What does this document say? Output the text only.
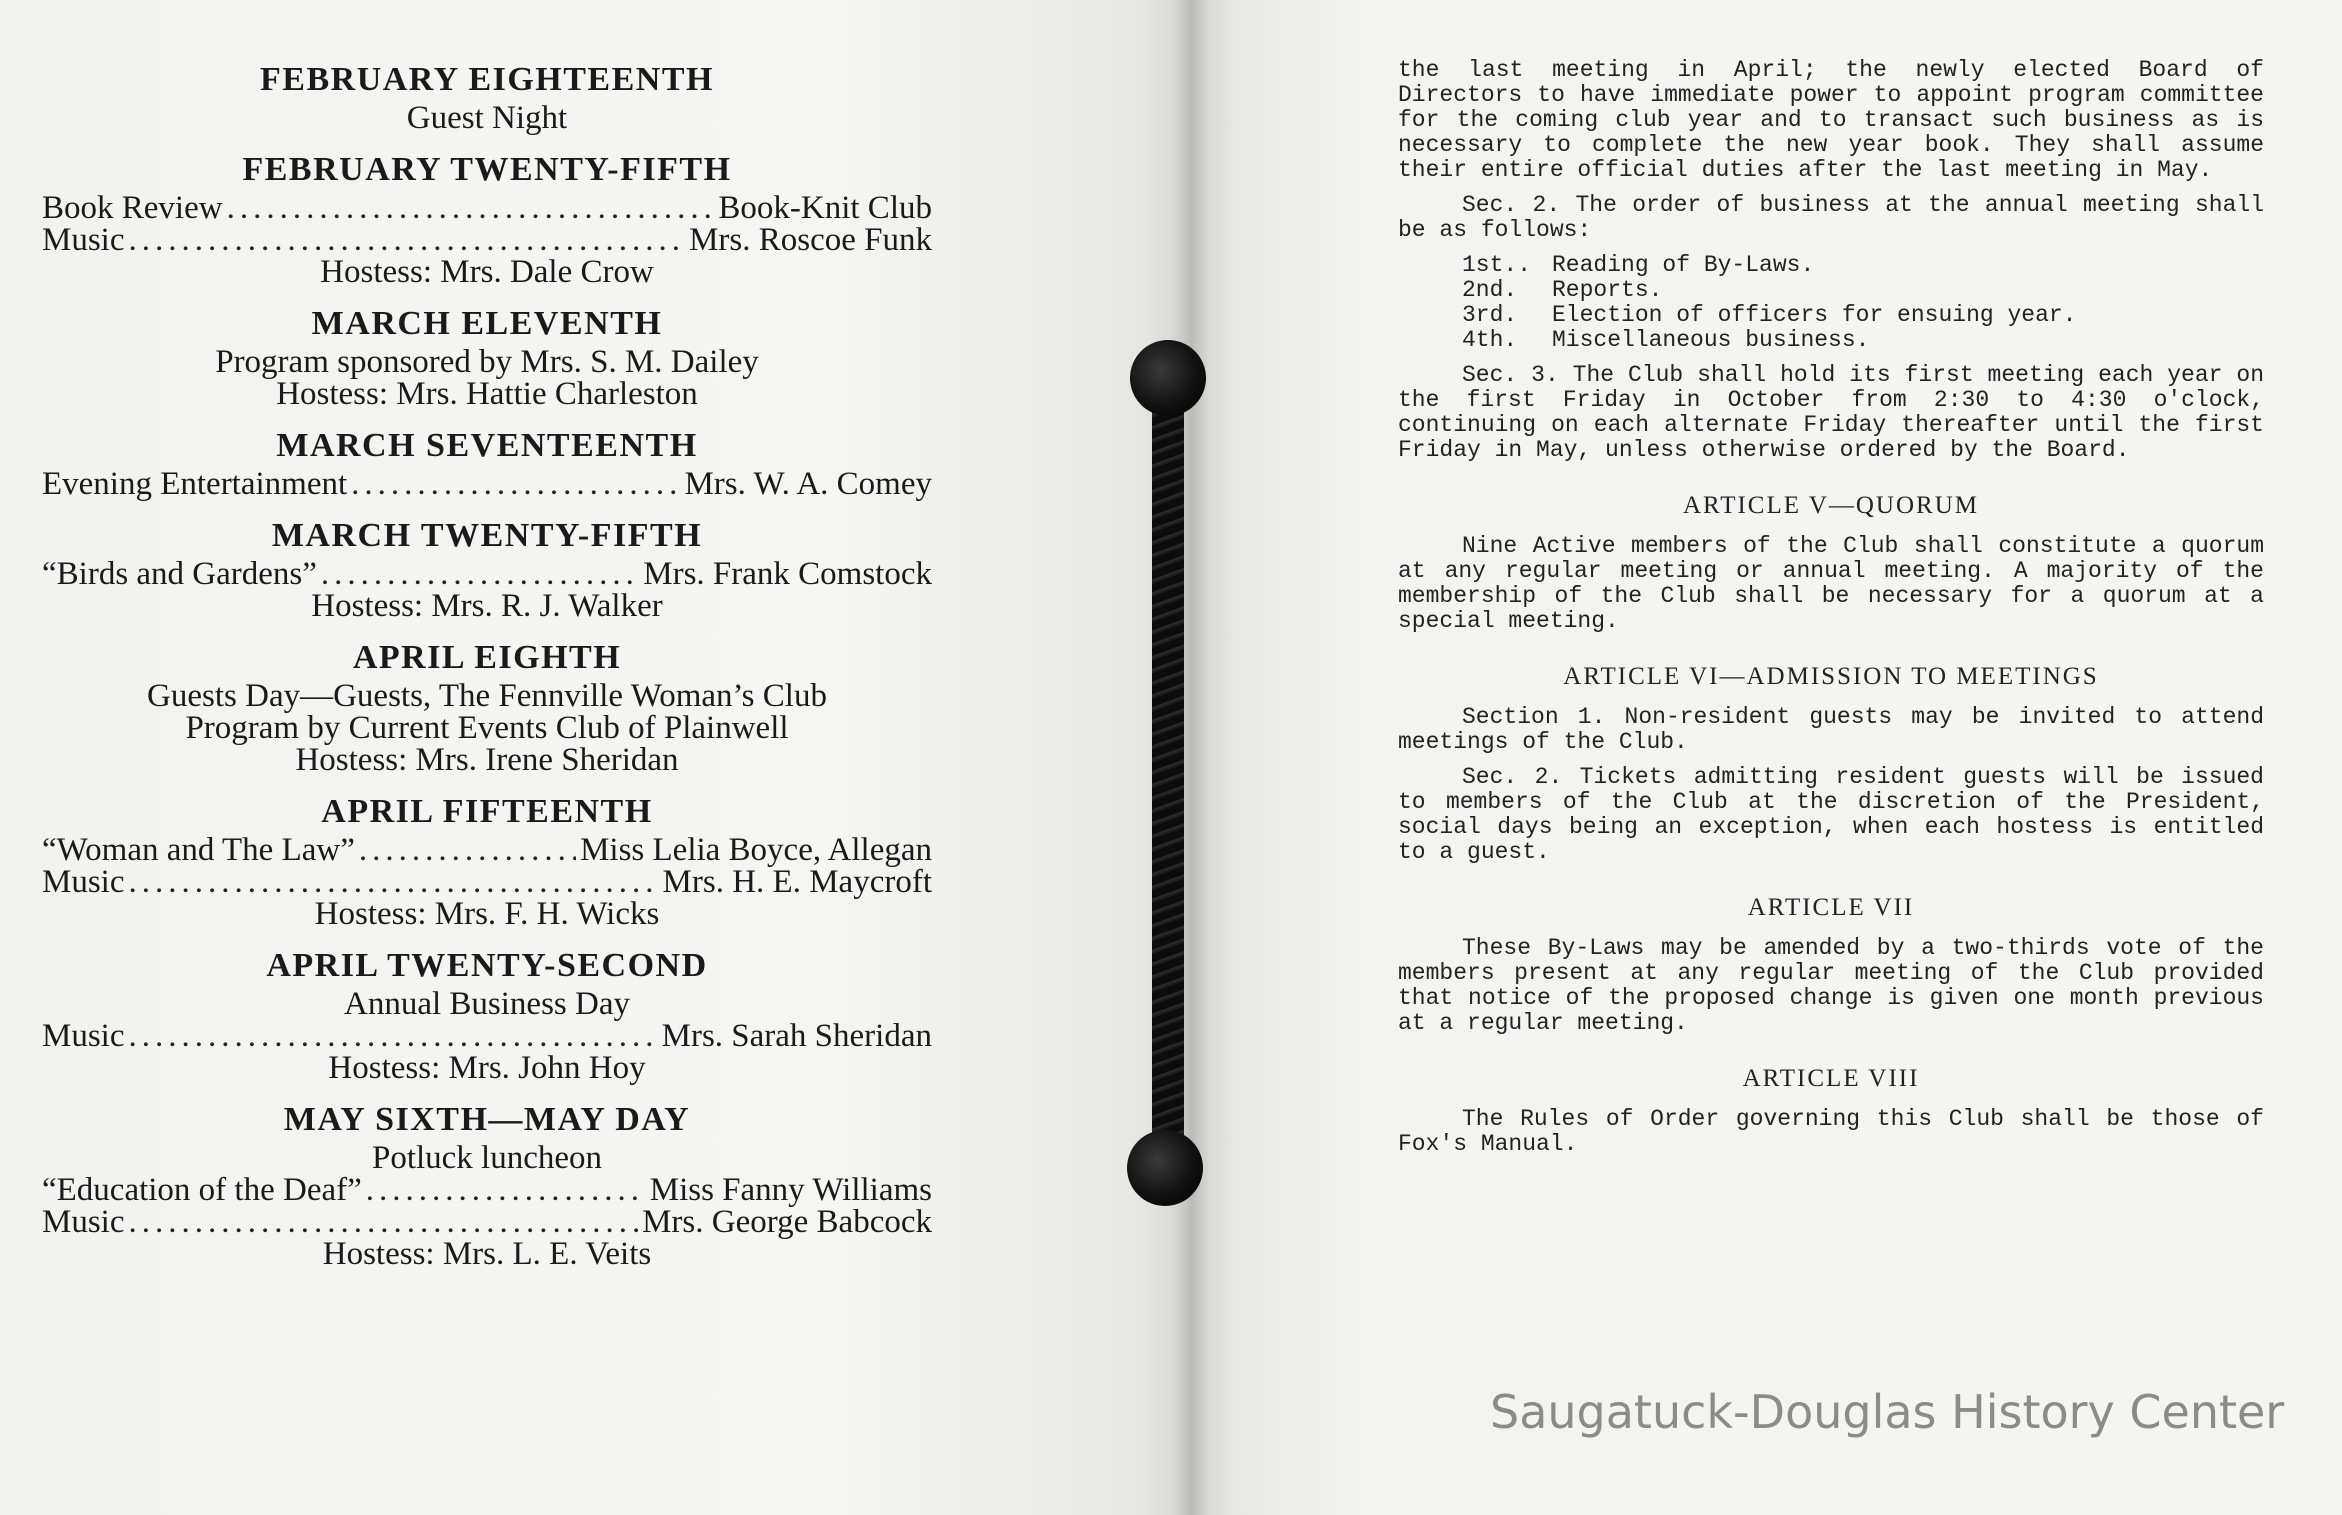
FEBRUARY EIGHTEENTH
Guest Night
FEBRUARY TWENTY-FIFTH
Book Review .....	Book-Knit Club
Music .....	Mrs. Roscoe Funk
Hostess: Mrs. Dale Crow
MARCH ELEVENTH
Program sponsored by Mrs. S. M. Dailey
Hostess: Mrs. Hattie Charleston
MARCH SEVENTEENTH
Evening Entertainment .....	Mrs. W. A. Comey
MARCH TWENTY-FIFTH
“Birds and Gardens” .....	Mrs. Frank Comstock
Hostess: Mrs. R. J. Walker
APRIL EIGHTH
Guests Day—Guests, The Fennville Woman’s Club
Program by Current Events Club of Plainwell
Hostess: Mrs. Irene Sheridan
APRIL FIFTEENTH
“Woman and The Law” .....	Miss Lelia Boyce, Allegan
Music .....	Mrs. H. E. Maycroft
Hostess: Mrs. F. H. Wicks
APRIL TWENTY-SECOND
Annual Business Day
Music .....	Mrs. Sarah Sheridan
Hostess: Mrs. John Hoy
MAY SIXTH—MAY DAY
Potluck luncheon
“Education of the Deaf” .....	Miss Fanny Williams
Music .....	Mrs. George Babcock
Hostess: Mrs. L. E. Veits

the last meeting in April; the newly elected Board of Directors to have immediate power to appoint program committee for the coming club year and to transact such business as is necessary to complete the new year book. They shall assume their entire official duties after the last meeting in May.

Sec. 2. The order of business at the annual meeting shall be as follows:

1st.. Reading of By-Laws.
2nd. Reports.
3rd. Election of officers for ensuing year.
4th. Miscellaneous business.

Sec. 3. The Club shall hold its first meeting each year on the first Friday in October from 2:30 to 4:30 o'clock, continuing on each alternate Friday thereafter until the first Friday in May, unless otherwise ordered by the Board.

ARTICLE V—QUORUM

Nine Active members of the Club shall constitute a quorum at any regular meeting or annual meeting. A majority of the membership of the Club shall be necessary for a quorum at a special meeting.

ARTICLE VI—ADMISSION TO MEETINGS

Section 1. Non-resident guests may be invited to attend meetings of the Club.

Sec. 2. Tickets admitting resident guests will be issued to members of the Club at the discretion of the President, social days being an exception, when each hostess is entitled to a guest.

ARTICLE VII

These By-Laws may be amended by a two-thirds vote of the members present at any regular meeting of the Club provided that notice of the proposed change is given one month previous at a regular meeting.

ARTICLE VIII

The Rules of Order governing this Club shall be those of Fox's Manual.

Saugatuck-Douglas History Center
